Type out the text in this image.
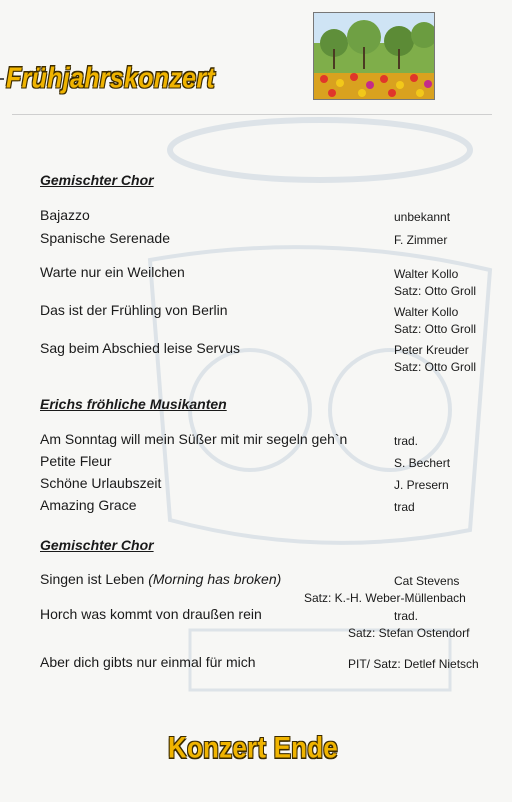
Frühjahrskonzert
Gemischter Chor
Bajazzo	unbekannt
Spanische Serenade	F. Zimmer
Warte nur ein Weilchen	Walter Kollo
Satz: Otto Groll
Das ist der Frühling von Berlin	Walter Kollo
Satz: Otto Groll
Sag beim Abschied leise Servus	Peter Kreuder
Satz: Otto Groll
Erichs fröhliche Musikanten
Am Sonntag will mein Süßer mit mir segeln geh`n	trad.
Petite Fleur	S. Bechert
Schöne Urlaubszeit	J. Presern
Amazing Grace	trad
Gemischter Chor
Singen ist Leben (Morning has broken)	Cat Stevens
Satz: K.-H. Weber-Müllenbach
Horch was kommt von draußen rein	trad.
Satz: Stefan Ostendorf
Aber dich gibts nur einmal für mich	PIT/ Satz: Detlef Nietsch
Konzert Ende
